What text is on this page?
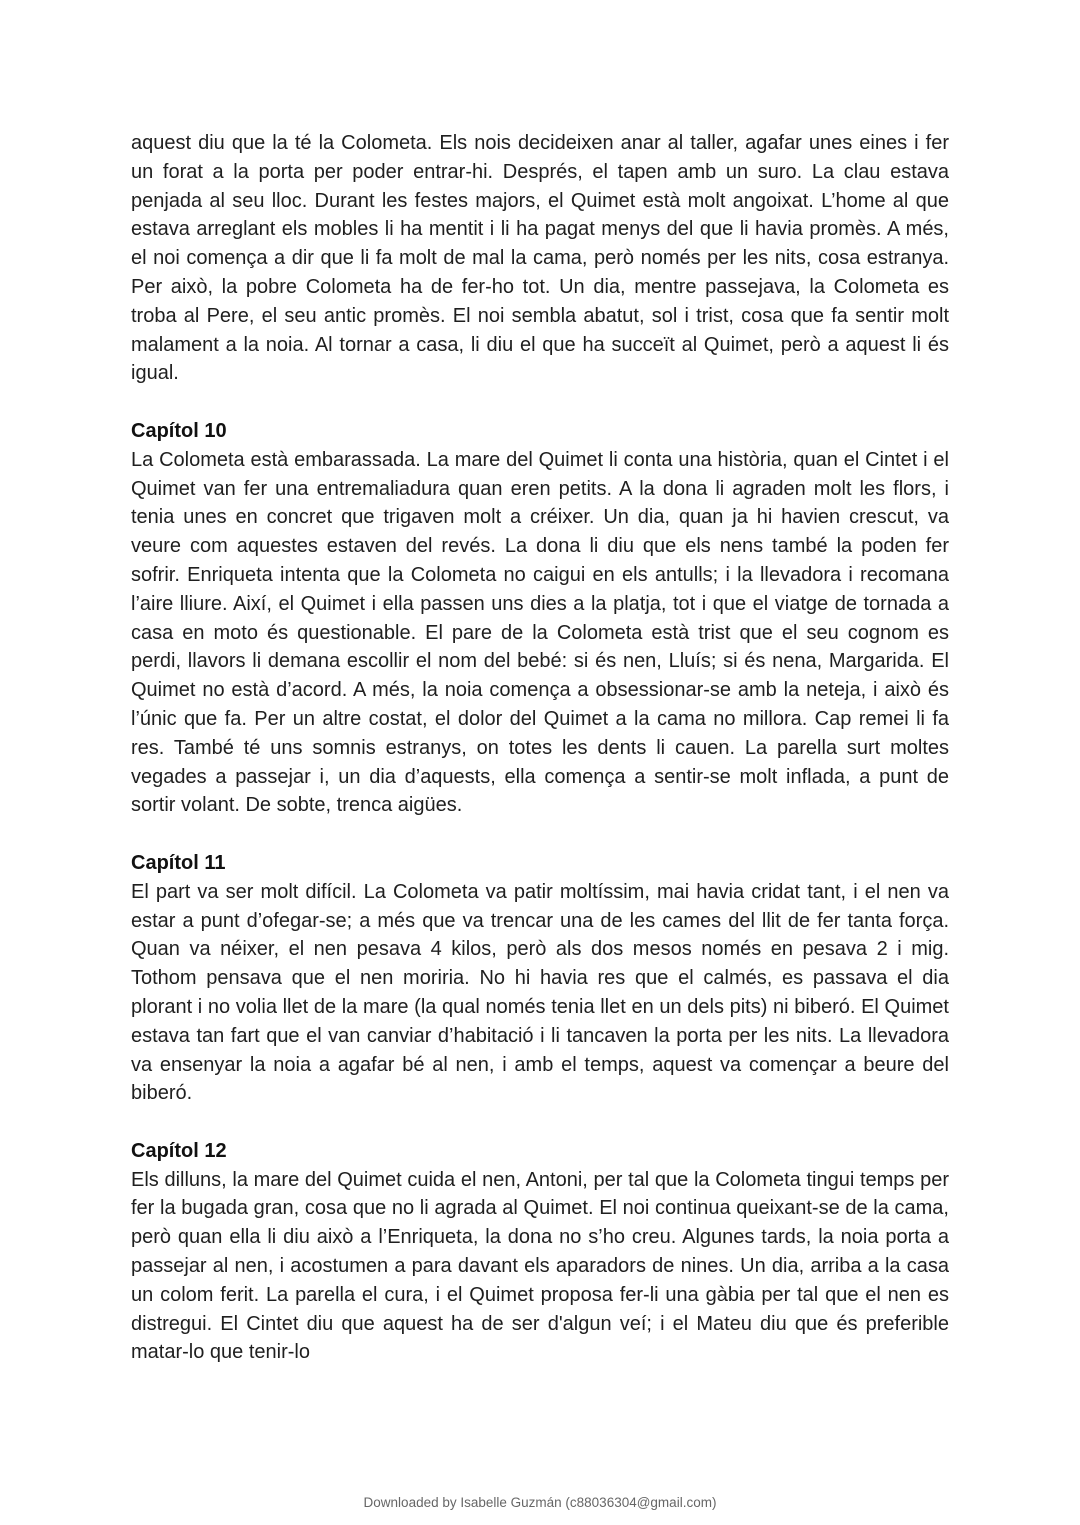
aquest diu que la té la Colometa. Els nois decideixen anar al taller, agafar unes eines i fer un forat a la porta per poder entrar-hi. Després, el tapen amb un suro. La clau estava penjada al seu lloc. Durant les festes majors, el Quimet està molt angoixat. L’home al que estava arreglant els mobles li ha mentit i li ha pagat menys del que li havia promès. A més, el noi comença a dir que li fa molt de mal la cama, però només per les nits, cosa estranya. Per això, la pobre Colometa ha de fer-ho tot. Un dia, mentre passejava, la Colometa es troba al Pere, el seu antic promès. El noi sembla abatut, sol i trist, cosa que fa sentir molt malament a la noia. Al tornar a casa, li diu el que ha succeït al Quimet, però a aquest li és igual.

Capítol 10

La Colometa està embarassada. La mare del Quimet li conta una història, quan el Cintet i el Quimet van fer una entremaliadura quan eren petits. A la dona li agraden molt les flors, i tenia unes en concret que trigaven molt a créixer. Un dia, quan ja hi havien crescut, va veure com aquestes estaven del revés. La dona li diu que els nens també la poden fer sofrir. Enriqueta intenta que la Colometa no caigui en els antulls; i la llevadora i recomana l’aire lliure. Així, el Quimet i ella passen uns dies a la platja, tot i que el viatge de tornada a casa en moto és questionable. El pare de la Colometa està trist que el seu cognom es perdi, llavors li demana escollir el nom del bebé: si és nen, Lluís; si és nena, Margarida. El Quimet no està d’acord. A més, la noia comença a obsessionar-se amb la neteja, i això és l’únic que fa. Per un altre costat, el dolor del Quimet a la cama no millora. Cap remei li fa res. També té uns somnis estranys, on totes les dents li cauen. La parella surt moltes vegades a passejar i, un dia d’aquests, ella comença a sentir-se molt inflada, a punt de sortir volant. De sobte, trenca aigües.

Capítol 11

El part va ser molt difícil. La Colometa va patir moltíssim, mai havia cridat tant, i el nen va estar a punt d’ofegar-se; a més que va trencar una de les cames del llit de fer tanta força. Quan va néixer, el nen pesava 4 kilos, però als dos mesos només en pesava 2 i mig. Tothom pensava que el nen moriria. No hi havia res que el calmés, es passava el dia plorant i no volia llet de la mare (la qual només tenia llet en un dels pits) ni biberó. El Quimet estava tan fart que el van canviar d’habitació i li tancaven la porta per les nits. La llevadora va ensenyar la noia a agafar bé al nen, i amb el temps, aquest va començar a beure del biberó.

Capítol 12

Els dilluns, la mare del Quimet cuida el nen, Antoni, per tal que la Colometa tingui temps per fer la bugada gran, cosa que no li agrada al Quimet. El noi continua queixant-se de la cama, però quan ella li diu això a l’Enriqueta, la dona no s’ho creu. Algunes tards, la noia porta a passejar al nen, i acostumen a para davant els aparadors de nines. Un dia, arriba a la casa un colom ferit. La parella el cura, i el Quimet proposa fer-li una gàbia per tal que el nen es distregui. El Cintet diu que aquest ha de ser d'algun veí; i el Mateu diu que és preferible matar-lo que tenir-lo

Downloaded by Isabelle Guzmán (c88036304@gmail.com)
